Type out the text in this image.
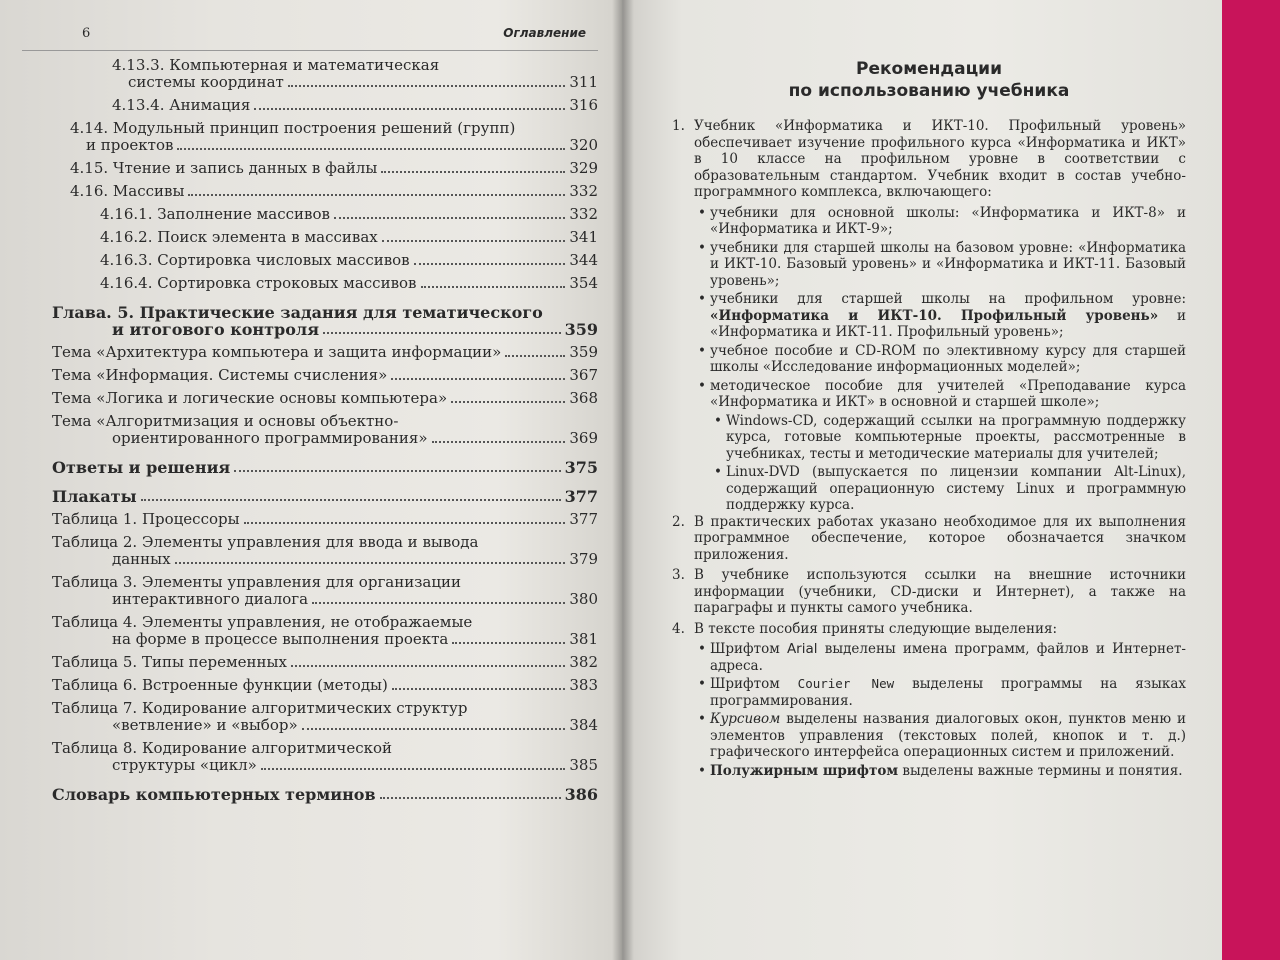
6	Оглавление
4.13.3. Компьютерная и математическая
системы координат	311
4.13.4. Анимация	316
4.14. Модульный принцип построения решений (групп)
и проектов	320
4.15. Чтение и запись данных в файлы	329
4.16. Массивы	332
4.16.1. Заполнение массивов	332
4.16.2. Поиск элемента в массивах	341
4.16.3. Сортировка числовых массивов	344
4.16.4. Сортировка строковых массивов	354
Глава. 5. Практические задания для тематического
и итогового контроля	359
Тема «Архитектура компьютера и защита информации»	359
Тема «Информация. Системы счисления»	367
Тема «Логика и логические основы компьютера»	368
Тема «Алгоритмизация и основы объектно-
ориентированного программирования»	369
Ответы и решения	375
Плакаты	377
Таблица 1. Процессоры	377
Таблица 2. Элементы управления для ввода и вывода
данных	379
Таблица 3. Элементы управления для организации
интерактивного диалога	380
Таблица 4. Элементы управления, не отображаемые
на форме в процессе выполнения проекта	381
Таблица 5. Типы переменных	382
Таблица 6. Встроенные функции (методы)	383
Таблица 7. Кодирование алгоритмических структур
«ветвление» и «выбор»	384
Таблица 8. Кодирование алгоритмической
структуры «цикл»	385
Словарь компьютерных терминов	386
Рекомендации
по использованию учебника
1. Учебник «Информатика и ИКТ-10. Профильный уровень» обеспечивает изучение профильного курса «Информатика и ИКТ» в 10 классе на профильном уровне в соответствии с образовательным стандартом. Учебник входит в состав учебно-программного комплекса, включающего:
• учебники для основной школы: «Информатика и ИКТ-8» и «Информатика и ИКТ-9»;
• учебники для старшей школы на базовом уровне: «Информатика и ИКТ-10. Базовый уровень» и «Информатика и ИКТ-11. Базовый уровень»;
• учебники для старшей школы на профильном уровне: «Информатика и ИКТ-10. Профильный уровень» и «Информатика и ИКТ-11. Профильный уровень»;
• учебное пособие и CD-ROM по элективному курсу для старшей школы «Исследование информационных моделей»;
• методическое пособие для учителей «Преподавание курса «Информатика и ИКТ» в основной и старшей школе»;
• Windows-CD, содержащий ссылки на программную поддержку курса, готовые компьютерные проекты, рассмотренные в учебниках, тесты и методические материалы для учителей;
• Linux-DVD (выпускается по лицензии компании Alt-Linux), содержащий операционную систему Linux и программную поддержку курса.
2. В практических работах указано необходимое для их выполнения программное обеспечение, которое обозначается значком приложения.
3. В учебнике используются ссылки на внешние источники информации (учебники, CD-диски и Интернет), а также на параграфы и пункты самого учебника.
4. В тексте пособия приняты следующие выделения:
• Шрифтом Arial выделены имена программ, файлов и Интернет-адреса.
• Шрифтом Courier New выделены программы на языках программирования.
• Курсивом выделены названия диалоговых окон, пунктов меню и элементов управления (текстовых полей, кнопок и т. д.) графического интерфейса операционных систем и приложений.
• Полужирным шрифтом выделены важные термины и понятия.
